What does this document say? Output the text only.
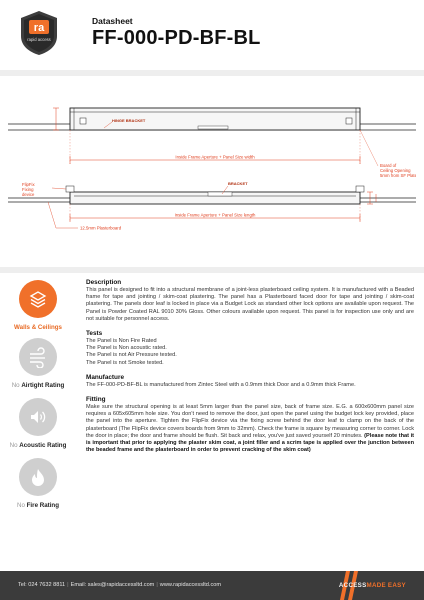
ra
rapid access
Datasheet
FF-000-PD-BF-BL
HINGE BRACKET
Inside Frame Aperture + Panel Size width
Board of
Ceiling Opening
5mm from SF Plate
BRACKET
FlipFix
Fixing
device
Inside Frame Aperture + Panel Size length
12.5mm Plasterboard
Walls & Ceilings
No Airtight Rating
No Acoustic Rating
No Fire Rating
Description
This panel is designed to fit into a structural membrane of a joint-less plasterboard ceiling system. It is manufactured with a Beaded frame for tape and jointing / skim-coat plastering. The panel has a Plasterboard faced door for tape and jointing / skim-coat plastering. The panels door leaf is locked in place via a Budget Lock as standard other lock options are available upon request. The Panel is Powder Coated RAL 9010 30% Gloss. Other colours available upon request. This panel is for inspection use only and are not suitable for personnel access.
Tests
The Panel is Non Fire Rated
The Panel is Non acoustic rated.
The Panel is not Air Pressure tested.
The Panel is not Smoke tested.
Manufacture
The FF-000-PD-BF-BL is manufactured from Zintec Steel with a 0.9mm thick Door and a 0.9mm thick Frame.
Fitting
Make sure the structural opening is at least 5mm larger than the panel size, back of frame size. E.G. a 600x600mm panel size requires a 605x605mm hole size. You don't need to remove the door, just open the panel using the budget lock key provided, place the panel into the aperture. Tighten the FlipFix device via the fixing screw behind the door leaf to clamp on the back of the plasterboard (The FlipFix device covers boards from 9mm to 32mm). Check the frame is square by measuring corner to corner. Lock the door in place; the door and frame should be flush. Sit back and relax, you've just saved yourself 20 minutes. (Please note that it is important that prior to applying the plaster skim coat, a joint filler and a scrim tape is applied over the junction between the beaded frame and the plasterboard in order to prevent cracking of the skim coat)
Tel: 024 7632 8811 | Email: sales@rapidaccessltd.com | www.rapidaccessltd.com	ACCESSMADE EASY
